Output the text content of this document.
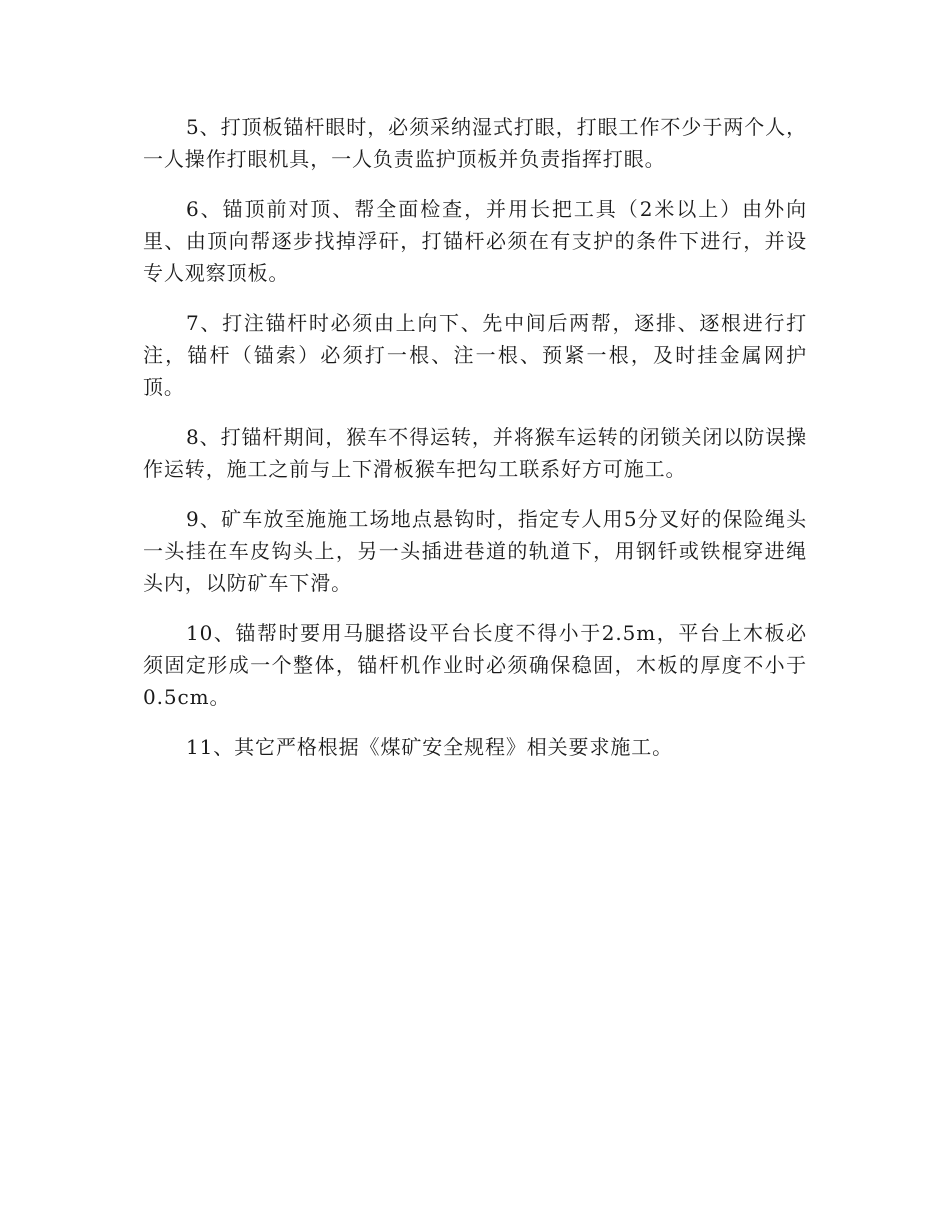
5、打顶板锚杆眼时，必须采纳湿式打眼，打眼工作不少于两个人，一人操作打眼机具，一人负责监护顶板并负责指挥打眼。

6、锚顶前对顶、帮全面检查，并用长把工具（2米以上）由外向里、由顶向帮逐步找掉浮矸，打锚杆必须在有支护的条件下进行，并设专人观察顶板。

7、打注锚杆时必须由上向下、先中间后两帮，逐排、逐根进行打注，锚杆（锚索）必须打一根、注一根、预紧一根，及时挂金属网护顶。

8、打锚杆期间，猴车不得运转，并将猴车运转的闭锁关闭以防误操作运转，施工之前与上下滑板猴车把勾工联系好方可施工。

9、矿车放至施施工场地点悬钩时，指定专人用5分叉好的保险绳头一头挂在车皮钩头上，另一头插进巷道的轨道下，用钢钎或铁棍穿进绳头内，以防矿车下滑。

10、锚帮时要用马腿搭设平台长度不得小于2.5m，平台上木板必须固定形成一个整体，锚杆机作业时必须确保稳固，木板的厚度不小于0.5cm。

11、其它严格根据《煤矿安全规程》相关要求施工。
